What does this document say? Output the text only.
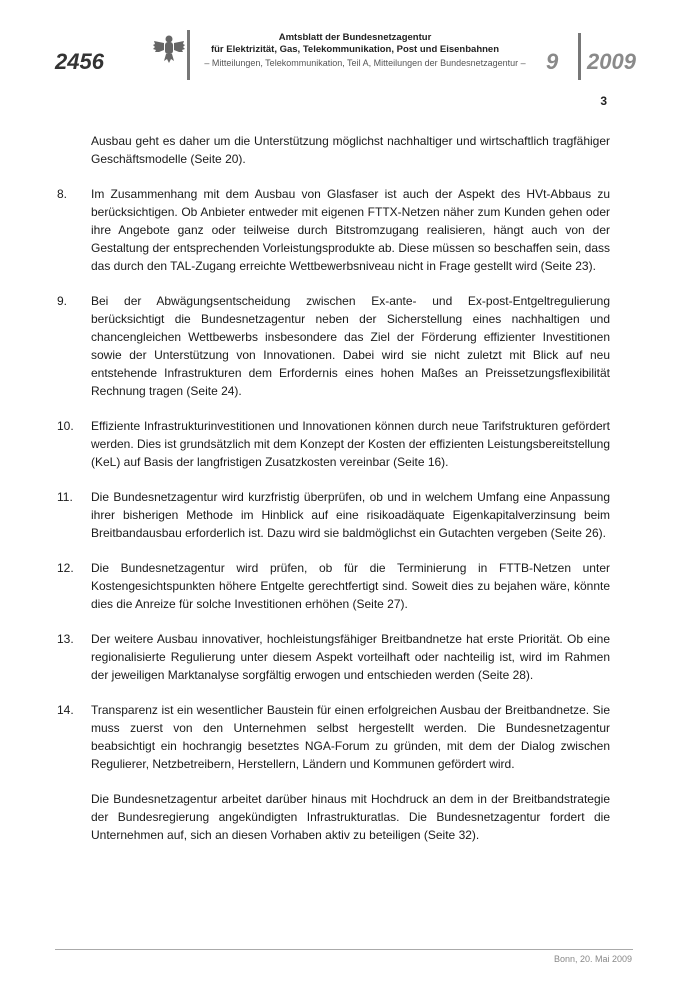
2456
Amtsblatt der Bundesnetzagentur
für Elektrizität, Gas, Telekommunikation, Post und Eisenbahnen
– Mitteilungen, Telekommunikation, Teil A, Mitteilungen der Bundesnetzagentur – 9 2009
3

Ausbau geht es daher um die Unterstützung möglichst nachhaltiger und wirtschaftlich tragfähiger Geschäftsmodelle (Seite 20).

8.	Im Zusammenhang mit dem Ausbau von Glasfaser ist auch der Aspekt des HVt-Abbaus zu berücksichtigen. Ob Anbieter entweder mit eigenen FTTX-Netzen näher zum Kunden gehen oder ihre Angebote ganz oder teilweise durch Bitstromzugang realisieren, hängt auch von der Gestaltung der entsprechenden Vorleistungsprodukte ab. Diese müssen so beschaffen sein, dass das durch den TAL-Zugang erreichte Wettbewerbsniveau nicht in Frage gestellt wird (Seite 23).
9.	Bei der Abwägungsentscheidung zwischen Ex-ante- und Ex-post-Entgeltregulierung berücksichtigt die Bundesnetzagentur neben der Sicherstellung eines nachhaltigen und chancengleichen Wettbewerbs insbesondere das Ziel der Förderung effizienter Investitionen sowie der Unterstützung von Innovationen. Dabei wird sie nicht zuletzt mit Blick auf neu entstehende Infrastrukturen dem Erfordernis eines hohen Maßes an Preissetzungsflexibilität Rechnung tragen (Seite 24).
10.	Effiziente Infrastrukturinvestitionen und Innovationen können durch neue Tarifstrukturen gefördert werden. Dies ist grundsätzlich mit dem Konzept der Kosten der effizienten Leistungsbereitstellung (KeL) auf Basis der langfristigen Zusatzkosten vereinbar (Seite 16).
11.	Die Bundesnetzagentur wird kurzfristig überprüfen, ob und in welchem Umfang eine Anpassung ihrer bisherigen Methode im Hinblick auf eine risikoadäquate Eigenkapitalverzinsung beim Breitbandausbau erforderlich ist. Dazu wird sie baldmöglichst ein Gutachten vergeben (Seite 26).
12.	Die Bundesnetzagentur wird prüfen, ob für die Terminierung in FTTB-Netzen unter Kostengesichtspunkten höhere Entgelte gerechtfertigt sind. Soweit dies zu bejahen wäre, könnte dies die Anreize für solche Investitionen erhöhen (Seite 27).
13.	Der weitere Ausbau innovativer, hochleistungsfähiger Breitbandnetze hat erste Priorität. Ob eine regionalisierte Regulierung unter diesem Aspekt vorteilhaft oder nachteilig ist, wird im Rahmen der jeweiligen Marktanalyse sorgfältig erwogen und entschieden werden (Seite 28).
14.	Transparenz ist ein wesentlicher Baustein für einen erfolgreichen Ausbau der Breitbandnetze. Sie muss zuerst von den Unternehmen selbst hergestellt werden. Die Bundesnetzagentur beabsichtigt ein hochrangig besetztes NGA-Forum zu gründen, mit dem der Dialog zwischen Regulierer, Netzbetreibern, Herstellern, Ländern und Kommunen gefördert wird.

Die Bundesnetzagentur arbeitet darüber hinaus mit Hochdruck an dem in der Breitbandstrategie der Bundesregierung angekündigten Infrastrukturatlas. Die Bundesnetzagentur fordert die Unternehmen auf, sich an diesen Vorhaben aktiv zu beteiligen (Seite 32).

Bonn, 20. Mai 2009
